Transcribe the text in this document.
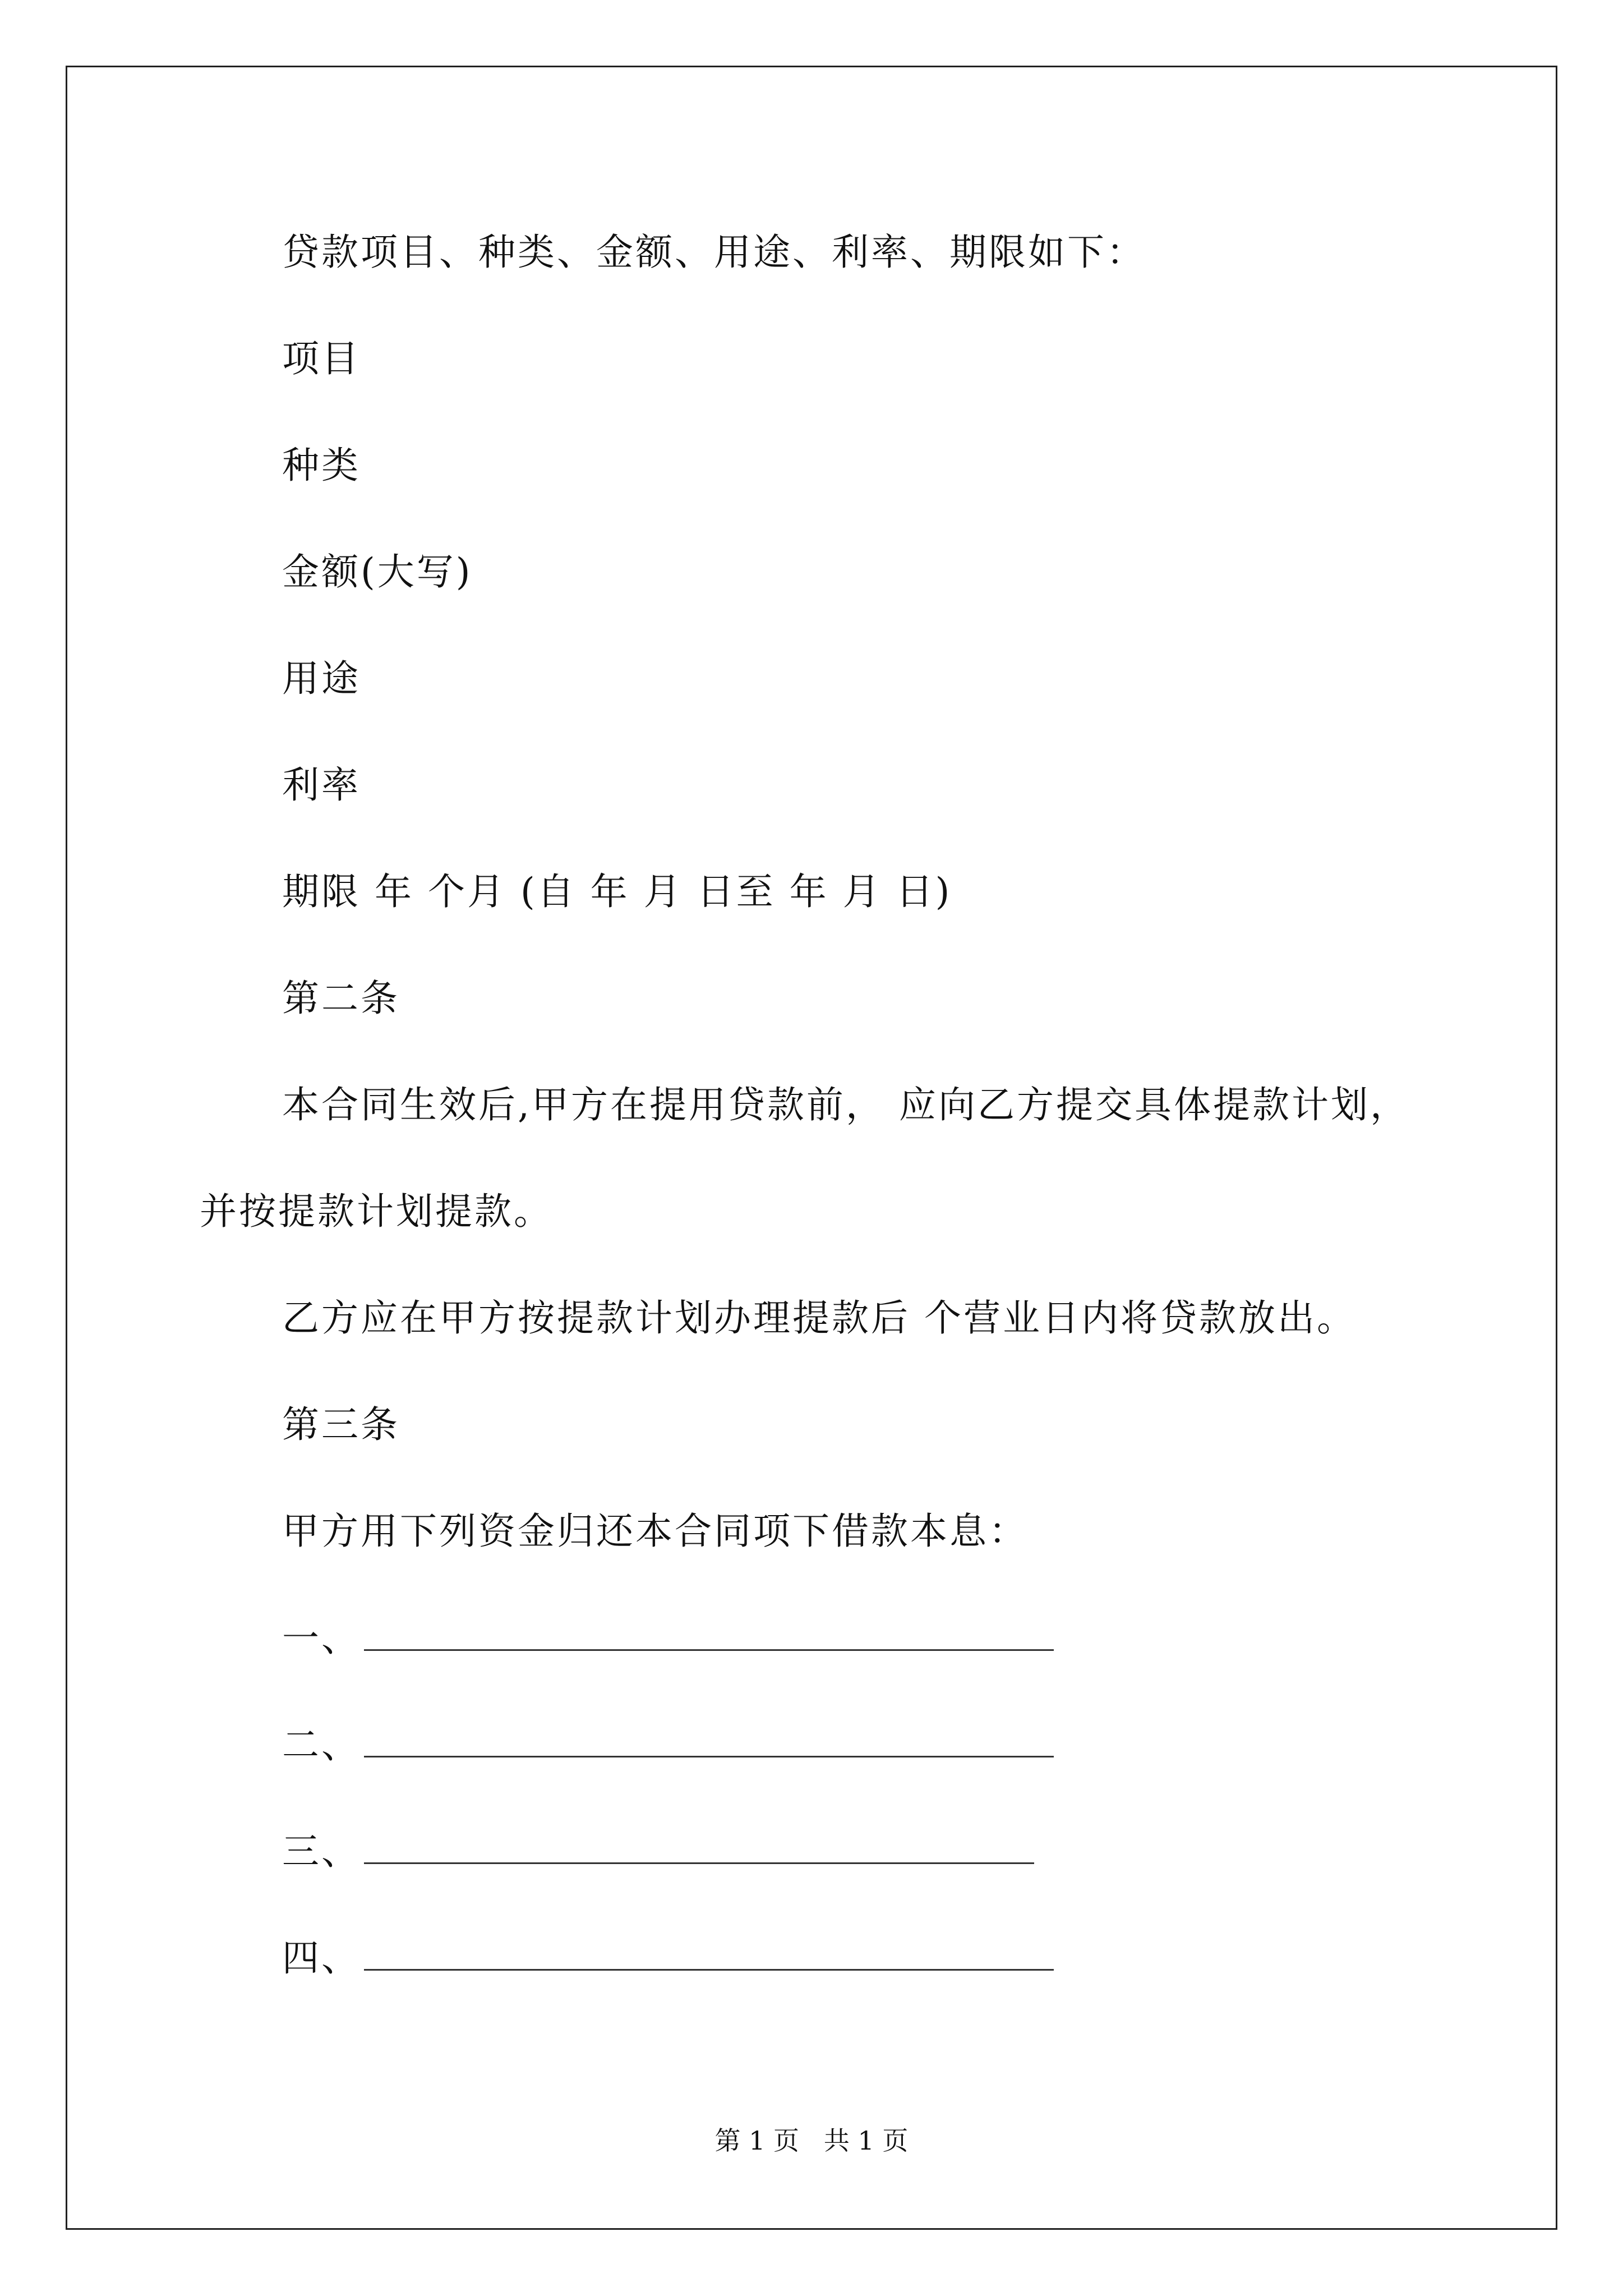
贷款项目、种类、金额、用途、利率、期限如下：
项目
种类
金额(大写)
用途
利率
期限 年 个月 (自 年 月 日至 年 月 日)
第二条
本合同生效后,甲方在提用贷款前， 应向乙方提交具体提款计划，
并按提款计划提款。
乙方应在甲方按提款计划办理提款后 个营业日内将贷款放出。
第三条
甲方用下列资金归还本合同项下借款本息：
一、
二、
三、
四、
第 1 页   共 1 页
